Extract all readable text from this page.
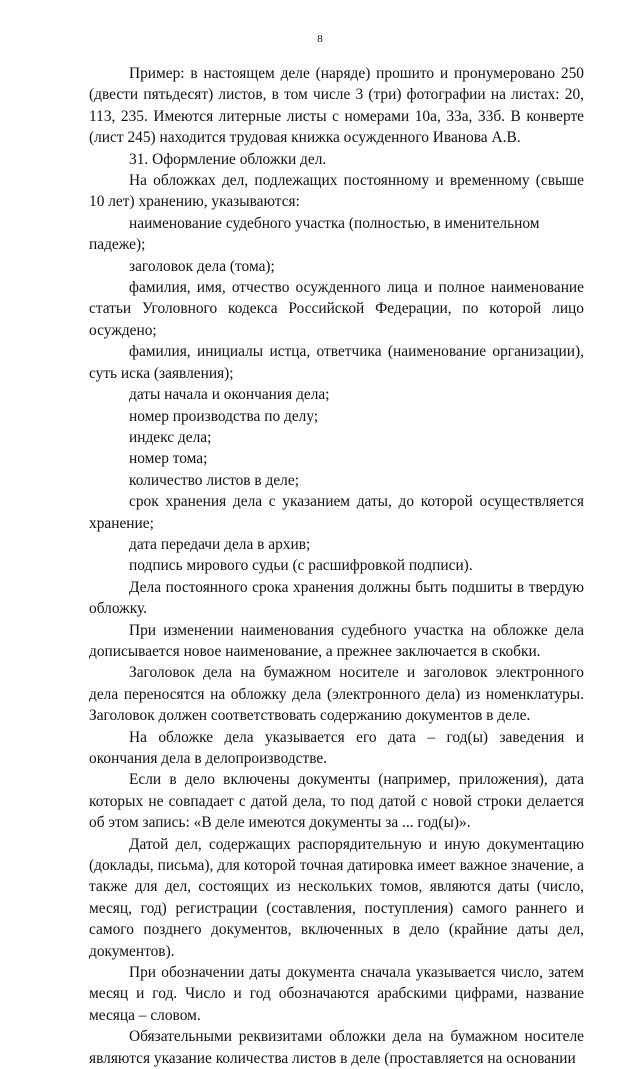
8

Пример: в настоящем деле (наряде) прошито и пронумеровано 250 (двести пятьдесят) листов, в том числе 3 (три) фотографии на листах: 20, 113, 235. Имеются литерные листы с номерами 10а, 33а, 33б. В конверте (лист 245) находится трудовая книжка осужденного Иванова А.В.

31. Оформление обложки дел.

На обложках дел, подлежащих постоянному и временному (свыше 10 лет) хранению, указываются:

наименование судебного участка (полностью, в именительном падеже);

заголовок дела (тома);

фамилия, имя, отчество осужденного лица и полное наименование статьи Уголовного кодекса Российской Федерации, по которой лицо осуждено;

фамилия, инициалы истца, ответчика (наименование организации), суть иска (заявления);

даты начала и окончания дела;

номер производства по делу;

индекс дела;

номер тома;

количество листов в деле;

срок хранения дела с указанием даты, до которой осуществляется хранение;

дата передачи дела в архив;

подпись мирового судьи (с расшифровкой подписи).

Дела постоянного срока хранения должны быть подшиты в твердую обложку.

При изменении наименования судебного участка на обложке дела дописывается новое наименование, а прежнее заключается в скобки.

Заголовок дела на бумажном носителе и заголовок электронного дела переносятся на обложку дела (электронного дела) из номенклатуры. Заголовок должен соответствовать содержанию документов в деле.

На обложке дела указывается его дата – год(ы) заведения и окончания дела в делопроизводстве.

Если в дело включены документы (например, приложения), дата которых не совпадает с датой дела, то под датой с новой строки делается об этом запись: «В деле имеются документы за ... год(ы)».

Датой дел, содержащих распорядительную и иную документацию (доклады, письма), для которой точная датировка имеет важное значение, а также для дел, состоящих из нескольких томов, являются даты (число, месяц, год) регистрации (составления, поступления) самого раннего и самого позднего документов, включенных в дело (крайние даты дел, документов).

При обозначении даты документа сначала указывается число, затем месяц и год. Число и год обозначаются арабскими цифрами, название месяца – словом.

Обязательными реквизитами обложки дела на бумажном носителе являются указание количества листов в деле (проставляется на основании
